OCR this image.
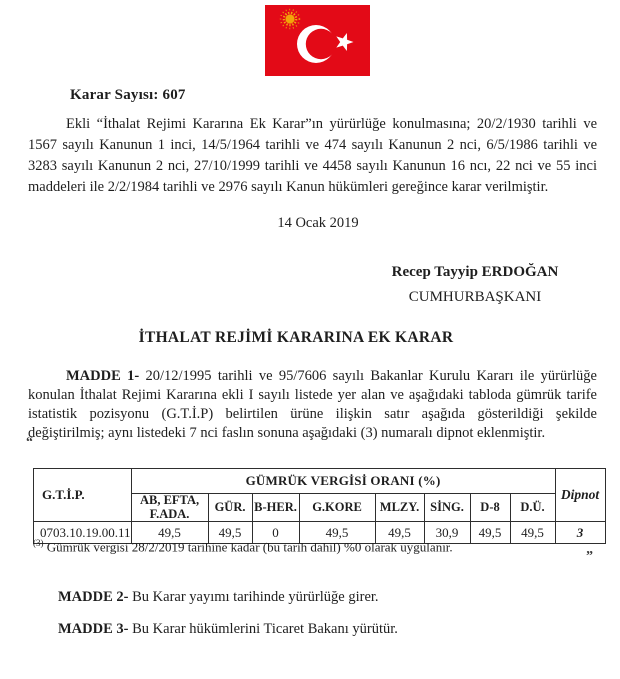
Karar Sayısı: 607
Ekli “İthalat Rejimi Kararına Ek Karar”ın yürürlüğe konulmasına; 20/2/1930 tarihli ve 1567 sayılı Kanunun 1 inci, 14/5/1964 tarihli ve 474 sayılı Kanunun 2 nci, 6/5/1986 tarihli ve 3283 sayılı Kanunun 2 nci, 27/10/1999 tarihli ve 4458 sayılı Kanunun 16 ncı, 22 nci ve 55 inci maddeleri ile 2/2/1984 tarihli ve 2976 sayılı Kanun hükümleri gereğince karar verilmiştir.
14 Ocak 2019
Recep Tayyip ERDOĞAN
CUMHURBAŞKANI
İTHALAT REJİMİ KARARINA EK KARAR
MADDE 1- 20/12/1995 tarihli ve 95/7606 sayılı Bakanlar Kurulu Kararı ile yürürlüğe konulan İthalat Rejimi Kararına ekli I sayılı listede yer alan ve aşağıdaki tabloda gümrük tarife istatistik pozisyonu (G.T.İ.P) belirtilen ürüne ilişkin satır aşağıda gösterildiği şekilde değiştirilmiş; aynı listedeki 7 nci faslın sonuna aşağıdaki (3) numaralı dipnot eklenmiştir.
“
G.T.İ.P.	GÜMRÜK VERGİSİ ORANI (%)								Dipnot
	AB, EFTA,
F.ADA.	GÜR.	B-HER.	G.KORE	MLZY.	SİNG.	D-8	D.Ü.	
0703.10.19.00.11	49,5	49,5	0	49,5	49,5	30,9	49,5	49,5	3
$^{(3)}$ Gümrük vergisi 28/2/2019 tarihine kadar (bu tarih dahil) %0 olarak uygulanır.
”
MADDE 2- Bu Karar yayımı tarihinde yürürlüğe girer.
MADDE 3- Bu Karar hükümlerini Ticaret Bakanı yürütür.
